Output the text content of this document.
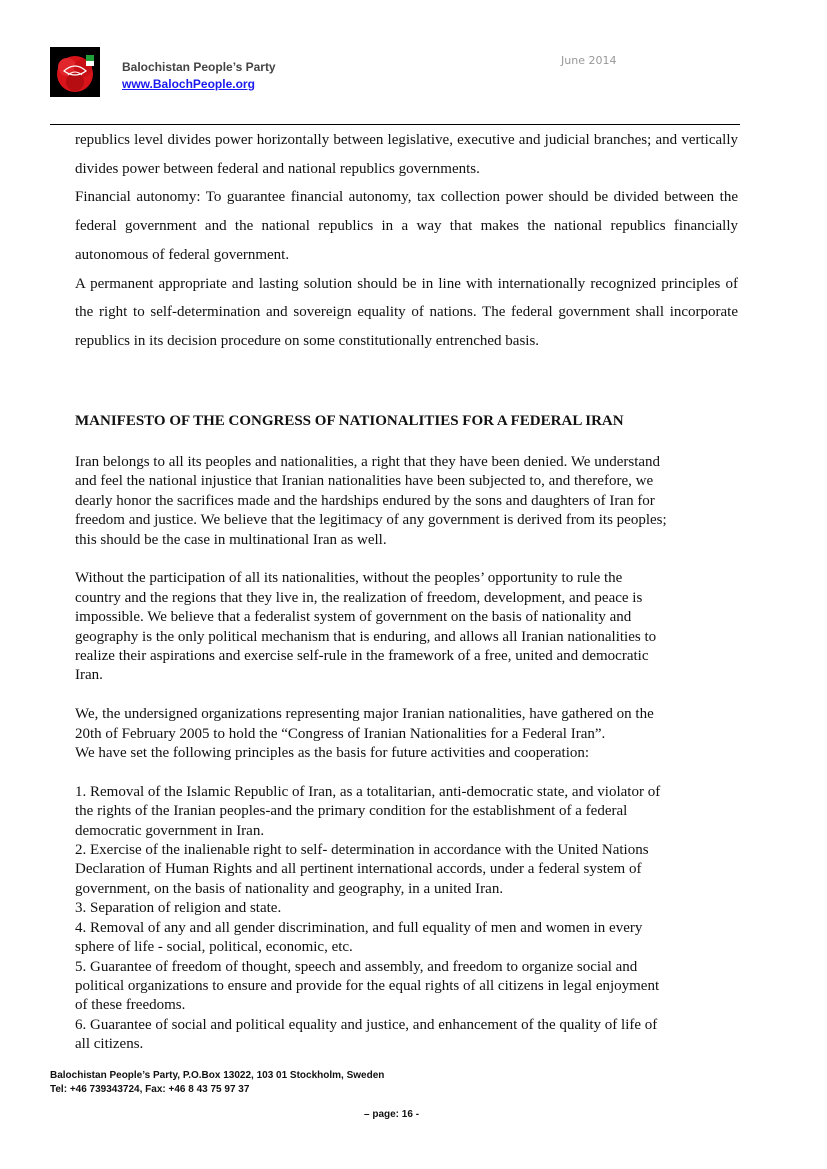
Balochistan People’s Party
www.BalochPeople.org
June 2014

republics level divides power horizontally between legislative, executive and judicial branches; and vertically divides power between federal and national republics governments.

Financial autonomy: To guarantee financial autonomy, tax collection power should be divided between the federal government and the national republics in a way that makes the national republics financially autonomous of federal government.

A permanent appropriate and lasting solution should be in line with internationally recognized principles of the right to self-determination and sovereign equality of nations. The federal government shall incorporate republics in its decision procedure on some constitutionally entrenched basis.

MANIFESTO OF THE CONGRESS OF NATIONALITIES FOR A FEDERAL IRAN

Iran belongs to all its peoples and nationalities, a right that they have been denied. We understand

and feel the national injustice that Iranian nationalities have been subjected to, and therefore, we

dearly honor the sacrifices made and the hardships endured by the sons and daughters of Iran for

freedom and justice. We believe that the legitimacy of any government is derived from its peoples;

this should be the case in multinational Iran as well.

Without the participation of all its nationalities, without the peoples’ opportunity to rule the

country and the regions that they live in, the realization of freedom, development, and peace is

impossible. We believe that a federalist system of government on the basis of nationality and

geography is the only political mechanism that is enduring, and allows all Iranian nationalities to

realize their aspirations and exercise self-rule in the framework of a free, united and democratic

Iran.

We, the undersigned organizations representing major Iranian nationalities, have gathered on the

20th of February 2005 to hold the “Congress of Iranian Nationalities for a Federal Iran”.

We have set the following principles as the basis for future activities and cooperation:

1. Removal of the Islamic Republic of Iran, as a totalitarian, anti-democratic state, and violator of

the rights of the Iranian peoples-and the primary condition for the establishment of a federal

democratic government in Iran.

2. Exercise of the inalienable right to self- determination in accordance with the United Nations

Declaration of Human Rights and all pertinent international accords, under a federal system of

government, on the basis of nationality and geography, in a united Iran.

3. Separation of religion and state.

4. Removal of any and all gender discrimination, and full equality of men and women in every

sphere of life - social, political, economic, etc.

5. Guarantee of freedom of thought, speech and assembly, and freedom to organize social and

political organizations to ensure and provide for the equal rights of all citizens in legal enjoyment

of these freedoms.

6. Guarantee of social and political equality and justice, and enhancement of the quality of life of

all citizens.

Balochistan People’s Party, P.O.Box 13022, 103 01 Stockholm, Sweden
Tel: +46 739343724, Fax: +46 8 43 75 97 37
– page: 16 -
